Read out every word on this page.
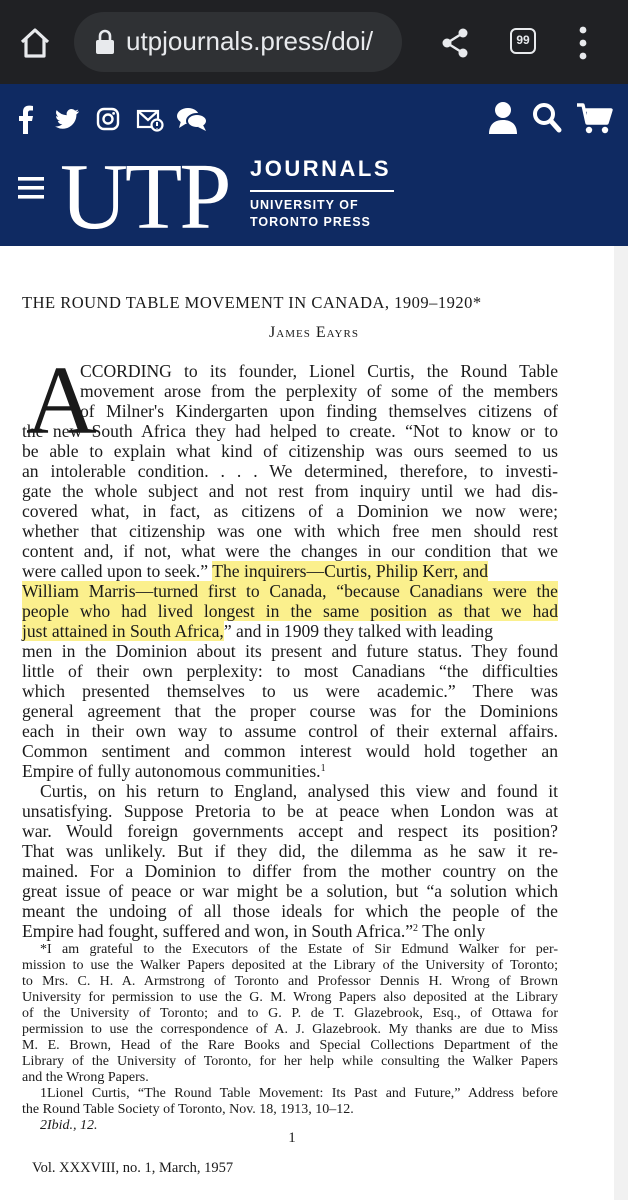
utpjournals.press/doi/	99
UTP JOURNALS
UNIVERSITY OF
TORONTO PRESS
THE ROUND TABLE MOVEMENT IN CANADA, 1909–1920*
James Eayrs
A
CCORDING to its founder, Lionel Curtis, the Round Table
movement arose from the perplexity of some of the members
of Milner's Kindergarten upon finding themselves citizens of
the new South Africa they had helped to create. “Not to know or to
be able to explain what kind of citizenship was ours seemed to us
an intolerable condition. . . . We determined, therefore, to investi-
gate the whole subject and not rest from inquiry until we had dis-
covered what, in fact, as citizens of a Dominion we now were;
whether that citizenship was one with which free men should rest
content and, if not, what were the changes in our condition that we
were called upon to seek.” The inquirers—Curtis, Philip Kerr, and
William Marris—turned first to Canada, “because Canadians were the
people who had lived longest in the same position as that we had
just attained in South Africa,” and in 1909 they talked with leading
men in the Dominion about its present and future status. They found
little of their own perplexity: to most Canadians “the difficulties
which presented themselves to us were academic.” There was
general agreement that the proper course was for the Dominions
each in their own way to assume control of their external affairs.
Common sentiment and common interest would hold together an
Empire of fully autonomous communities.$^1$
Curtis, on his return to England, analysed this view and found it
unsatisfying. Suppose Pretoria to be at peace when London was at
war. Would foreign governments accept and respect its position?
That was unlikely. But if they did, the dilemma as he saw it re-
mained. For a Dominion to differ from the mother country on the
great issue of peace or war might be a solution, but “a solution which
meant the undoing of all those ideals for which the people of the
Empire had fought, suffered and won, in South Africa.”$^2$ The only
*I am grateful to the Executors of the Estate of Sir Edmund Walker for per-
mission to use the Walker Papers deposited at the Library of the University of Toronto;
to Mrs. C. H. A. Armstrong of Toronto and Professor Dennis H. Wrong of Brown
University for permission to use the G. M. Wrong Papers also deposited at the Library
of the University of Toronto; and to G. P. de T. Glazebrook, Esq., of Ottawa for
permission to use the correspondence of A. J. Glazebrook. My thanks are due to Miss
M. E. Brown, Head of the Rare Books and Special Collections Department of the
Library of the University of Toronto, for her help while consulting the Walker Papers
and the Wrong Papers.
1Lionel Curtis, “The Round Table Movement: Its Past and Future,” Address before
the Round Table Society of Toronto, Nov. 18, 1913, 10–12.
2Ibid., 12.
1
Vol. XXXVIII, no. 1, March, 1957
